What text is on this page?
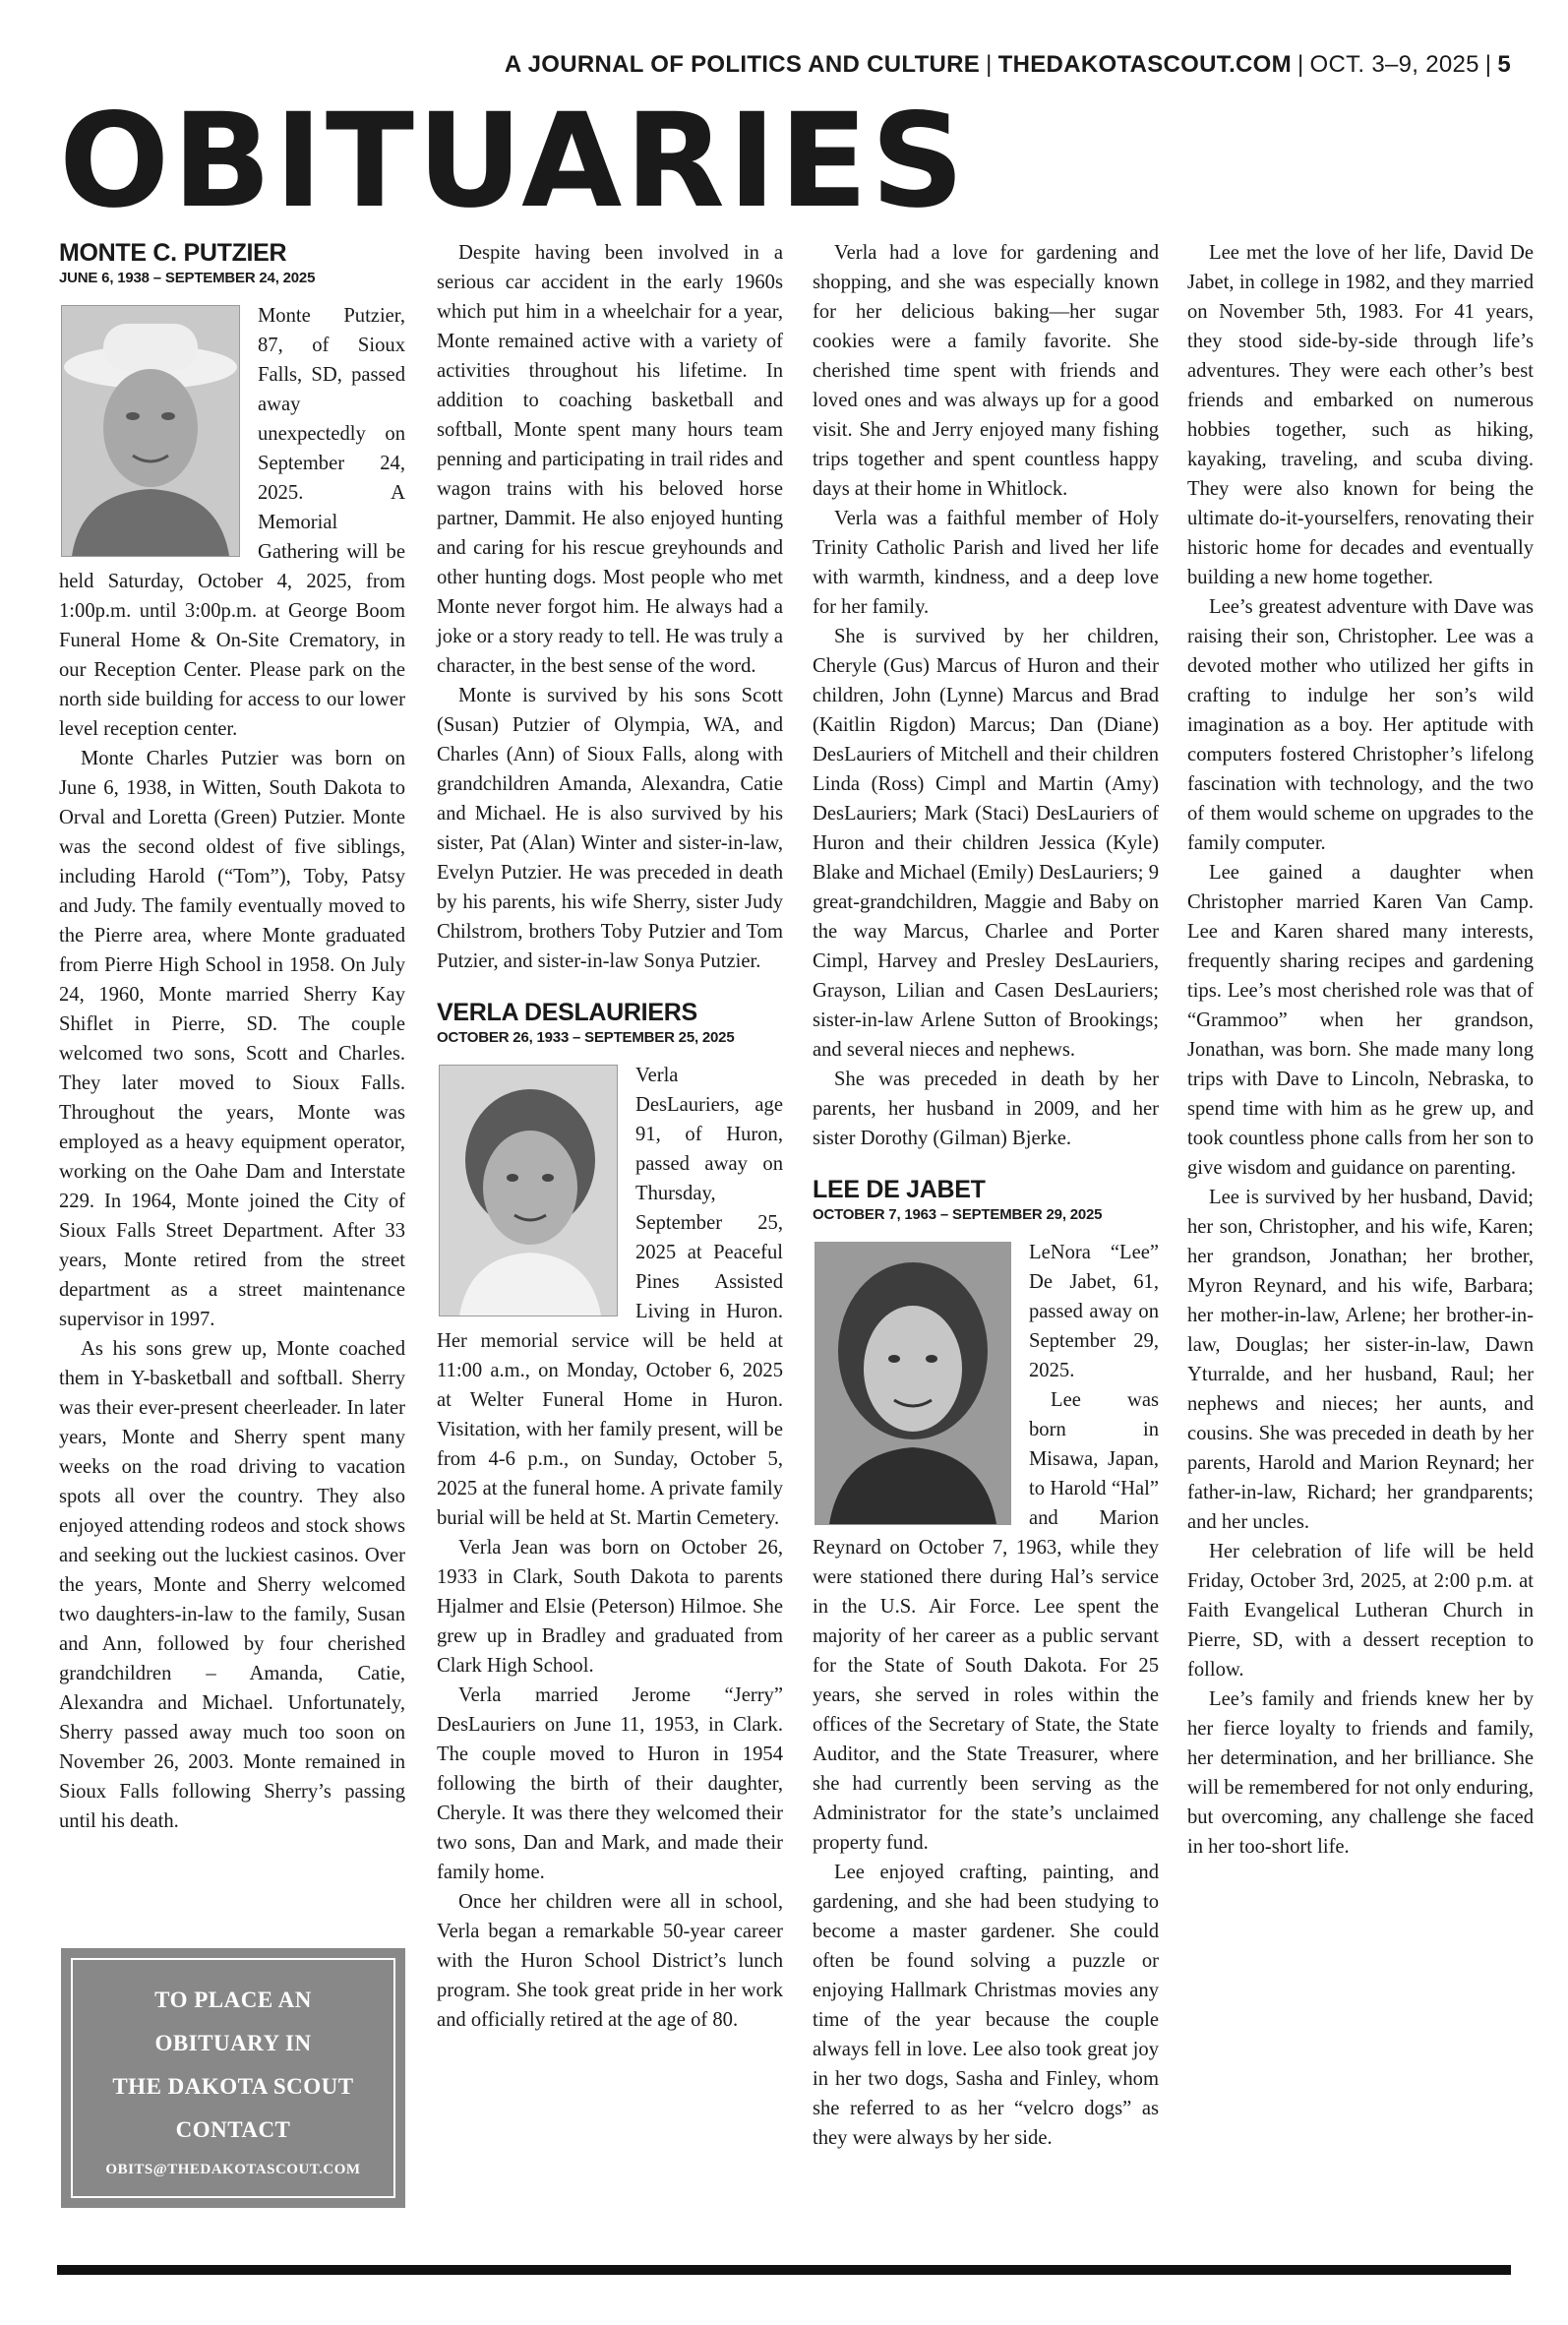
A JOURNAL OF POLITICS AND CULTURE | THEDAKOTASCOUT.COM | OCT. 3–9, 2025 | 5
OBITUARIES
MONTE C. PUTZIER
JUNE 6, 1938 – SEPTEMBER 24, 2025

Monte Putzier, 87, of Sioux Falls, SD, passed away unexpectedly on September 24, 2025. A Memorial Gathering will be held Saturday, October 4, 2025, from 1:00p.m. until 3:00p.m. at George Boom Funeral Home & On-Site Crematory, in our Reception Center. Please park on the north side building for access to our lower level reception center.

Monte Charles Putzier was born on June 6, 1938, in Witten, South Dakota to Orval and Loretta (Green) Putzier. Monte was the second oldest of five siblings, including Harold (“Tom”), Toby, Patsy and Judy. The family eventually moved to the Pierre area, where Monte graduated from Pierre High School in 1958. On July 24, 1960, Monte married Sherry Kay Shiflet in Pierre, SD. The couple welcomed two sons, Scott and Charles. They later moved to Sioux Falls. Throughout the years, Monte was employed as a heavy equipment operator, working on the Oahe Dam and Interstate 229. In 1964, Monte joined the City of Sioux Falls Street Department. After 33 years, Monte retired from the street department as a street maintenance supervisor in 1997.

As his sons grew up, Monte coached them in Y-basketball and softball. Sherry was their ever-present cheerleader. In later years, Monte and Sherry spent many weeks on the road driving to vacation spots all over the country. They also enjoyed attending rodeos and stock shows and seeking out the luckiest casinos. Over the years, Monte and Sherry welcomed two daughters-in-law to the family, Susan and Ann, followed by four cherished grandchildren – Amanda, Catie, Alexandra and Michael. Unfortunately, Sherry passed away much too soon on November 26, 2003. Monte remained in Sioux Falls following Sherry’s passing until his death.

TO PLACE AN
OBITUARY IN
THE DAKOTA SCOUT
CONTACT
OBITS@THEDAKOTASCOUT.COM

Despite having been involved in a serious car accident in the early 1960s which put him in a wheelchair for a year, Monte remained active with a variety of activities throughout his lifetime. In addition to coaching basketball and softball, Monte spent many hours team penning and participating in trail rides and wagon trains with his beloved horse partner, Dammit. He also enjoyed hunting and caring for his rescue greyhounds and other hunting dogs. Most people who met Monte never forgot him. He always had a joke or a story ready to tell. He was truly a character, in the best sense of the word.

Monte is survived by his sons Scott (Susan) Putzier of Olympia, WA, and Charles (Ann) of Sioux Falls, along with grandchildren Amanda, Alexandra, Catie and Michael. He is also survived by his sister, Pat (Alan) Winter and sister-in-law, Evelyn Putzier. He was preceded in death by his parents, his wife Sherry, sister Judy Chilstrom, brothers Toby Putzier and Tom Putzier, and sister-in-law Sonya Putzier.

VERLA DESLAURIERS
OCTOBER 26, 1933 – SEPTEMBER 25, 2025

Verla DesLauriers, age 91, of Huron, passed away on Thursday, September 25, 2025 at Peaceful Pines Assisted Living in Huron. Her memorial service will be held at 11:00 a.m., on Monday, October 6, 2025 at Welter Funeral Home in Huron. Visitation, with her family present, will be from 4-6 p.m., on Sunday, October 5, 2025 at the funeral home. A private family burial will be held at St. Martin Cemetery.

Verla Jean was born on October 26, 1933 in Clark, South Dakota to parents Hjalmer and Elsie (Peterson) Hilmoe. She grew up in Bradley and graduated from Clark High School.

Verla married Jerome “Jerry” DesLauriers on June 11, 1953, in Clark. The couple moved to Huron in 1954 following the birth of their daughter, Cheryle. It was there they welcomed their two sons, Dan and Mark, and made their family home.

Once her children were all in school, Verla began a remarkable 50-year career with the Huron School District’s lunch program. She took great pride in her work and officially retired at the age of 80.

Verla had a love for gardening and shopping, and she was especially known for her delicious baking—her sugar cookies were a family favorite. She cherished time spent with friends and loved ones and was always up for a good visit. She and Jerry enjoyed many fishing trips together and spent countless happy days at their home in Whitlock.

Verla was a faithful member of Holy Trinity Catholic Parish and lived her life with warmth, kindness, and a deep love for her family.

She is survived by her children, Cheryle (Gus) Marcus of Huron and their children, John (Lynne) Marcus and Brad (Kaitlin Rigdon) Marcus; Dan (Diane) DesLauriers of Mitchell and their children Linda (Ross) Cimpl and Martin (Amy) DesLauriers; Mark (Staci) DesLauriers of Huron and their children Jessica (Kyle) Blake and Michael (Emily) DesLauriers; 9 great-grandchildren, Maggie and Baby on the way Marcus, Charlee and Porter Cimpl, Harvey and Presley DesLauriers, Grayson, Lilian and Casen DesLauriers; sister-in-law Arlene Sutton of Brookings; and several nieces and nephews.

She was preceded in death by her parents, her husband in 2009, and her sister Dorothy (Gilman) Bjerke.

LEE DE JABET
OCTOBER 7, 1963 – SEPTEMBER 29, 2025

LeNora “Lee” De Jabet, 61, passed away on September 29, 2025.

Lee was born in Misawa, Japan, to Harold “Hal” and Marion Reynard on October 7, 1963, while they were stationed there during Hal’s service in the U.S. Air Force. Lee spent the majority of her career as a public servant for the State of South Dakota. For 25 years, she served in roles within the offices of the Secretary of State, the State Auditor, and the State Treasurer, where she had currently been serving as the Administrator for the state’s unclaimed property fund.

Lee enjoyed crafting, painting, and gardening, and she had been studying to become a master gardener. She could often be found solving a puzzle or enjoying Hallmark Christmas movies any time of the year because the couple always fell in love. Lee also took great joy in her two dogs, Sasha and Finley, whom she referred to as her “velcro dogs” as they were always by her side.

Lee met the love of her life, David De Jabet, in college in 1982, and they married on November 5th, 1983. For 41 years, they stood side-by-side through life’s adventures. They were each other’s best friends and embarked on numerous hobbies together, such as hiking, kayaking, traveling, and scuba diving. They were also known for being the ultimate do-it-yourselfers, renovating their historic home for decades and eventually building a new home together.

Lee’s greatest adventure with Dave was raising their son, Christopher. Lee was a devoted mother who utilized her gifts in crafting to indulge her son’s wild imagination as a boy. Her aptitude with computers fostered Christopher’s lifelong fascination with technology, and the two of them would scheme on upgrades to the family computer.

Lee gained a daughter when Christopher married Karen Van Camp. Lee and Karen shared many interests, frequently sharing recipes and gardening tips. Lee’s most cherished role was that of “Grammoo” when her grandson, Jonathan, was born. She made many long trips with Dave to Lincoln, Nebraska, to spend time with him as he grew up, and took countless phone calls from her son to give wisdom and guidance on parenting.

Lee is survived by her husband, David; her son, Christopher, and his wife, Karen; her grandson, Jonathan; her brother, Myron Reynard, and his wife, Barbara; her mother-in-law, Arlene; her brother-in-law, Douglas; her sister-in-law, Dawn Yturralde, and her husband, Raul; her nephews and nieces; her aunts, and cousins. She was preceded in death by her parents, Harold and Marion Reynard; her father-in-law, Richard; her grandparents; and her uncles.

Her celebration of life will be held Friday, October 3rd, 2025, at 2:00 p.m. at Faith Evangelical Lutheran Church in Pierre, SD, with a dessert reception to follow.

Lee’s family and friends knew her by her fierce loyalty to friends and family, her determination, and her brilliance. She will be remembered for not only enduring, but overcoming, any challenge she faced in her too-short life.
